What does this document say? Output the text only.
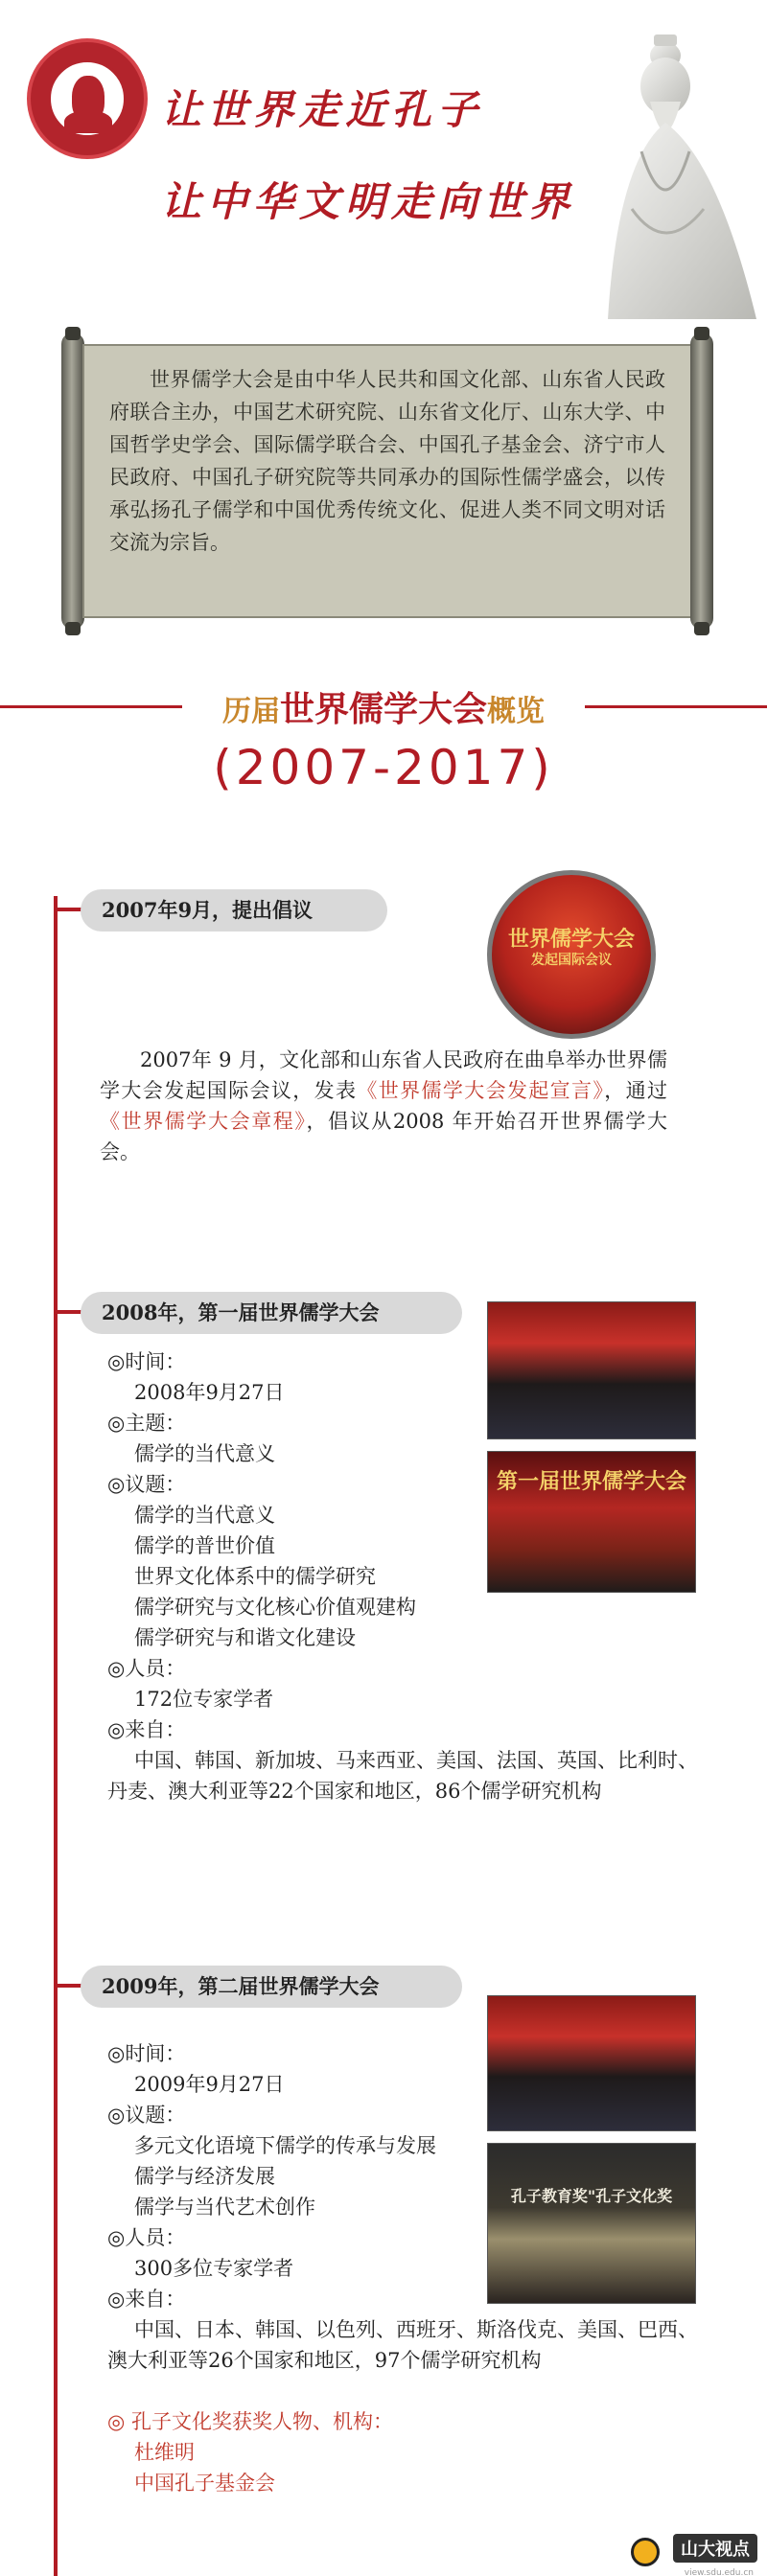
让世界走近孔子
让中华文明走向世界

世界儒学大会是由中华人民共和国文化部、山东省人民政府联合主办，中国艺术研究院、山东省文化厅、山东大学、中国哲学史学会、国际儒学联合会、中国孔子基金会、济宁市人民政府、中国孔子研究院等共同承办的国际性儒学盛会，以传承弘扬孔子儒学和中国优秀传统文化、促进人类不同文明对话交流为宗旨。

历届世界儒学大会概览
(2007-2017)
2007年9月，提出倡议
世界儒学大会
发起国际会议

2007年 9 月，文化部和山东省人民政府在曲阜举办世界儒学大会发起国际会议，发表《世界儒学大会发起宣言》，通过《世界儒学大会章程》，倡议从2008 年开始召开世界儒学大会。

2008年，第一届世界儒学大会
◎时间：
2008年9月27日
◎主题：
儒学的当代意义
◎议题：
儒学的当代意义
儒学的普世价值
世界文化体系中的儒学研究
儒学研究与文化核心价值观建构
儒学研究与和谐文化建设
◎人员：
172位专家学者
◎来自：

中国、韩国、新加坡、马来西亚、美国、法国、英国、比利时、丹麦、澳大利亚等22个国家和地区，86个儒学研究机构

第一届世界儒学大会
2009年，第二届世界儒学大会
◎时间：
2009年9月27日
◎议题：
多元文化语境下儒学的传承与发展
儒学与经济发展
儒学与当代艺术创作
◎人员：
300多位专家学者
◎来自：

中国、日本、韩国、以色列、西班牙、斯洛伐克、美国、巴西、澳大利亚等26个国家和地区，97个儒学研究机构

◎ 孔子文化奖获奖人物、机构：
杜维明
中国孔子基金会
孔子教育奖"孔子文化奖
山大视点
view.sdu.edu.cn
